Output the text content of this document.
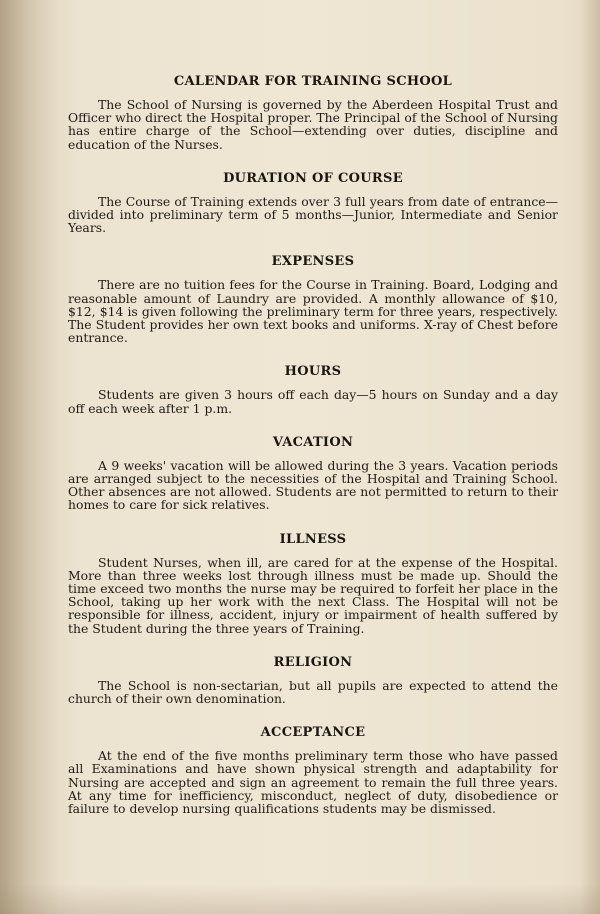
CALENDAR FOR TRAINING SCHOOL

The School of Nursing is governed by the Aberdeen Hospital Trust and Officer who direct the Hospital proper. The Principal of the School of Nursing has entire charge of the School—extending over duties, discipline and education of the Nurses.

DURATION OF COURSE

The Course of Training extends over 3 full years from date of entrance—divided into preliminary term of 5 months—Junior, Intermediate and Senior Years.

EXPENSES

There are no tuition fees for the Course in Training. Board, Lodging and reasonable amount of Laundry are provided. A monthly allowance of $10, $12, $14 is given following the preliminary term for three years, respectively. The Student provides her own text books and uniforms. X-ray of Chest before entrance.

HOURS

Students are given 3 hours off each day—5 hours on Sunday and a day off each week after 1 p.m.

VACATION

A 9 weeks' vacation will be allowed during the 3 years. Vacation periods are arranged subject to the necessities of the Hospital and Training School. Other absences are not allowed. Students are not permitted to return to their homes to care for sick relatives.

ILLNESS

Student Nurses, when ill, are cared for at the expense of the Hospital. More than three weeks lost through illness must be made up. Should the time exceed two months the nurse may be required to forfeit her place in the School, taking up her work with the next Class. The Hospital will not be responsible for illness, accident, injury or impairment of health suffered by the Student during the three years of Training.

RELIGION

The School is non-sectarian, but all pupils are expected to attend the church of their own denomination.

ACCEPTANCE

At the end of the five months preliminary term those who have passed all Examinations and have shown physical strength and adaptability for Nursing are accepted and sign an agreement to remain the full three years. At any time for inefficiency, misconduct, neglect of duty, disobedience or failure to develop nursing qualifications students may be dismissed.
